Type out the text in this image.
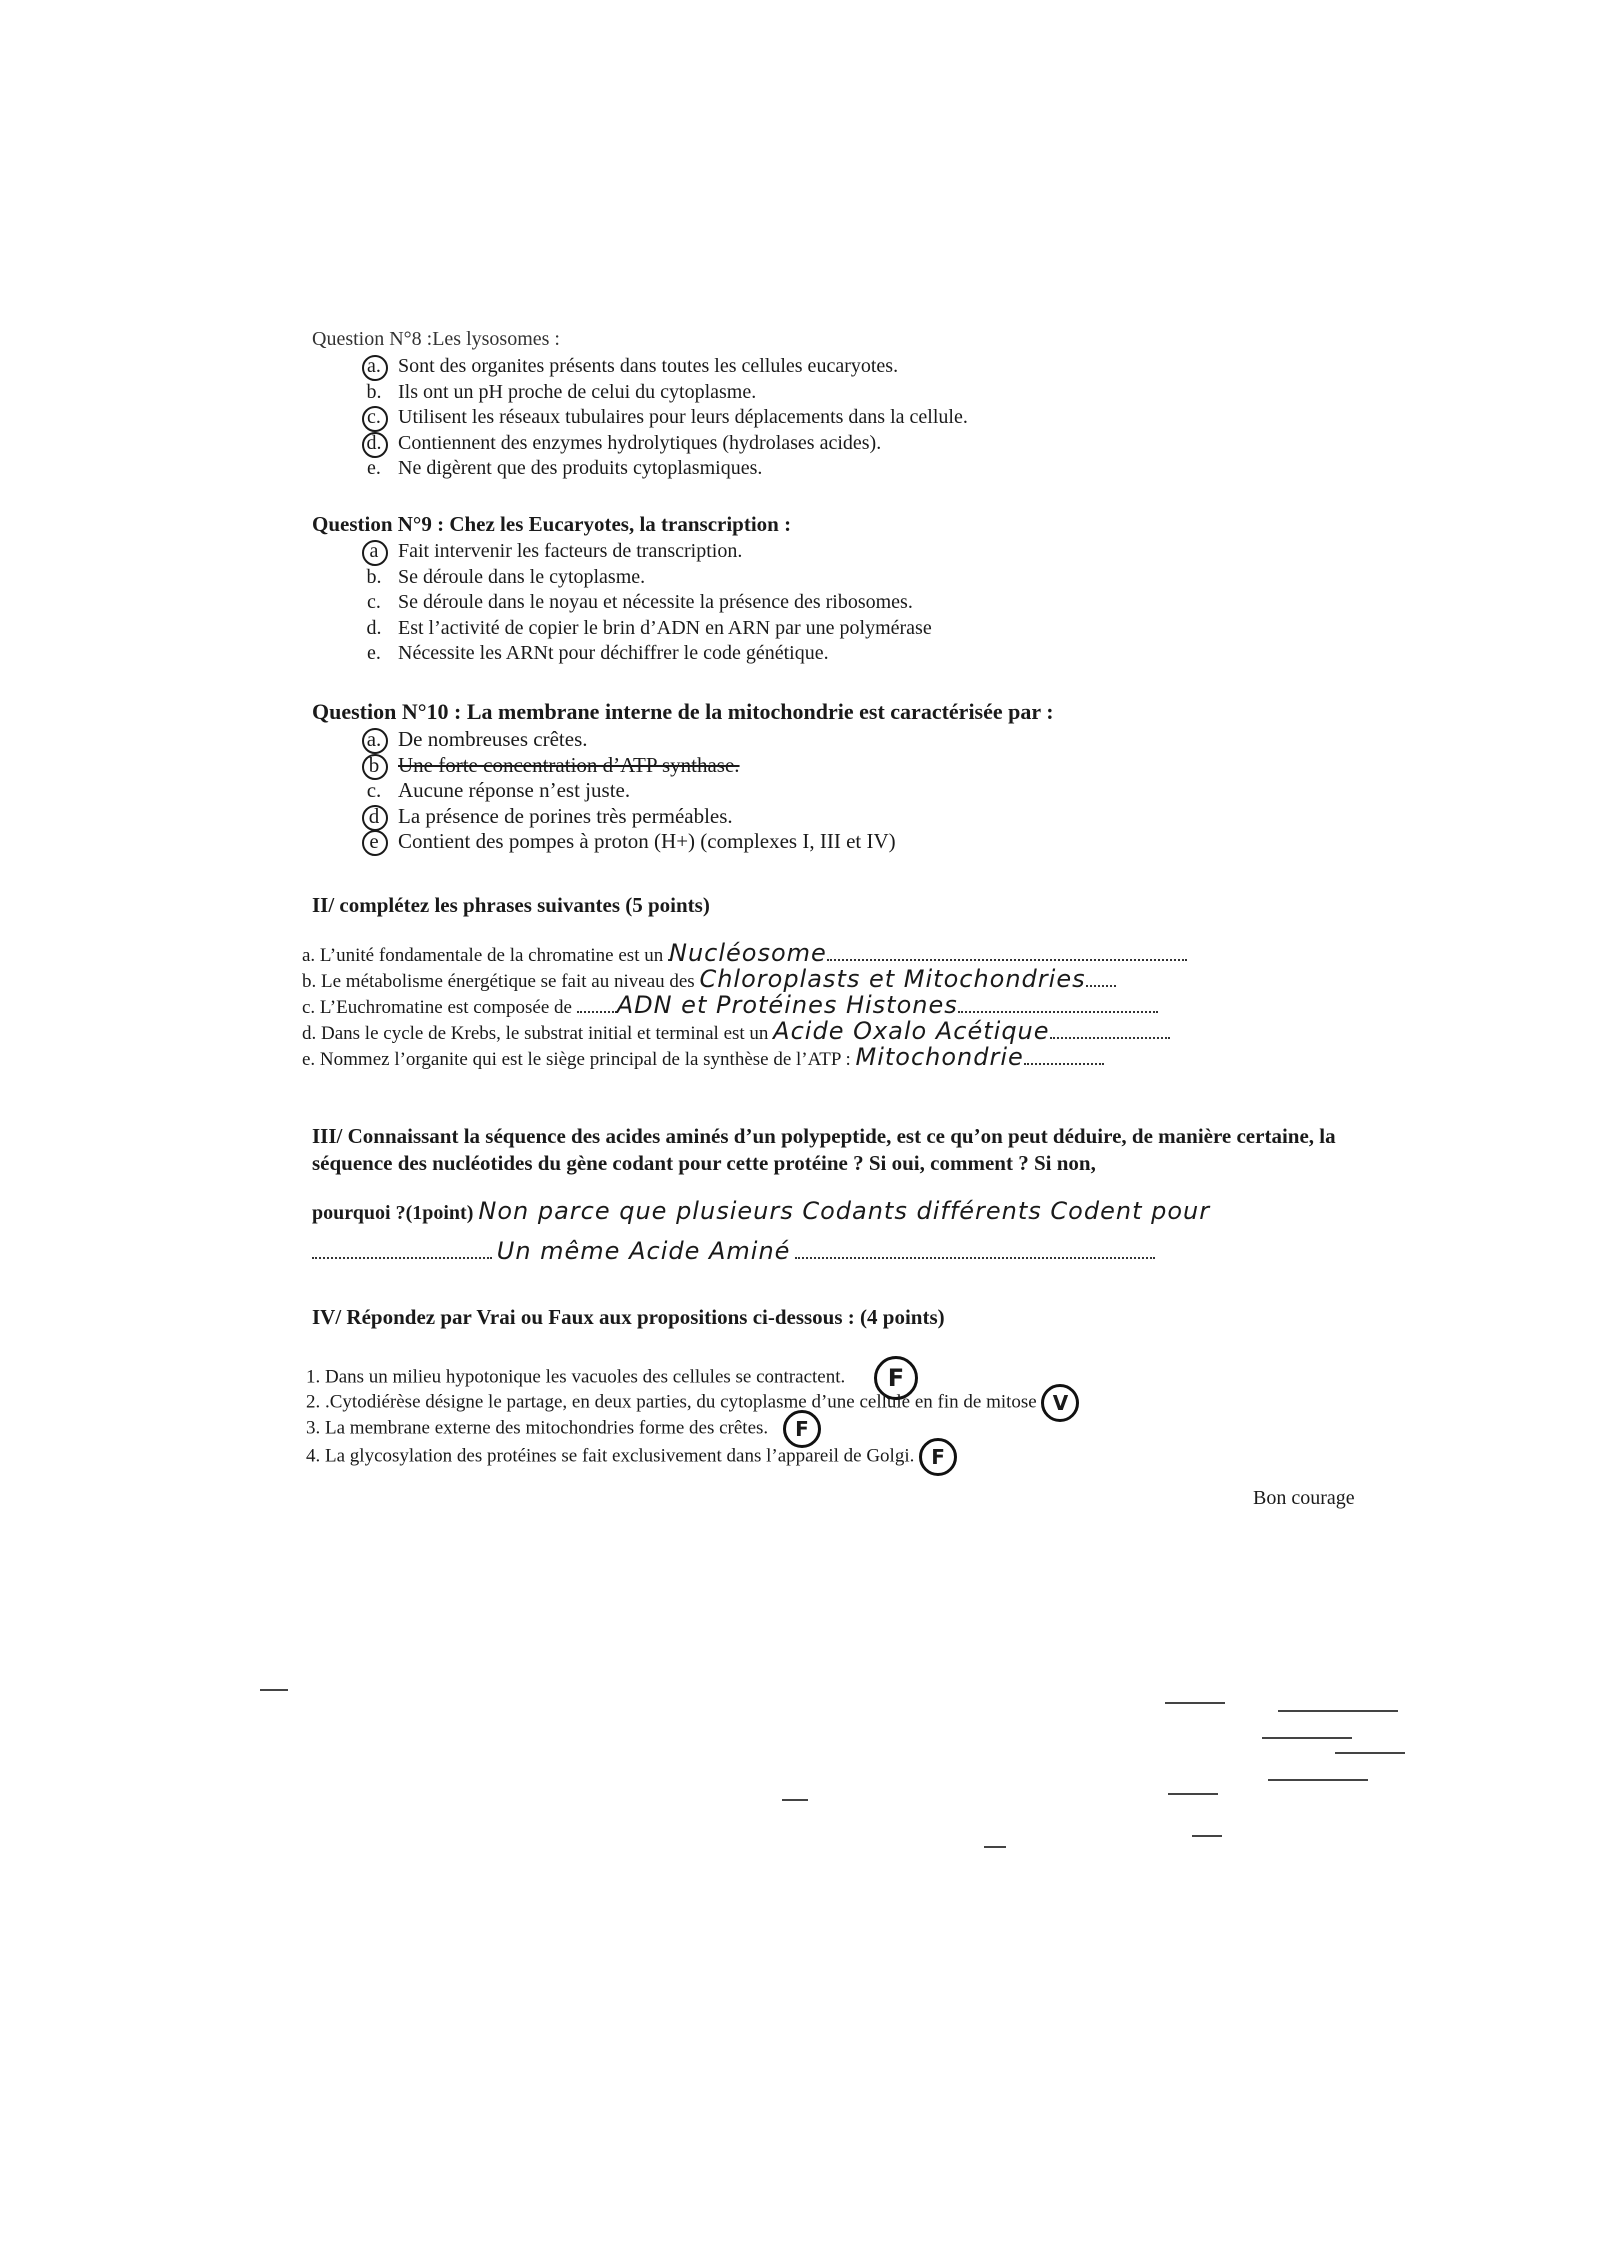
Question N°8 :Les lysosomes :
a. Sont des organites présents dans toutes les cellules eucaryotes.
b. Ils ont un pH proche de celui du cytoplasme.
c. Utilisent les réseaux tubulaires pour leurs déplacements dans la cellule.
d. Contiennent des enzymes hydrolytiques (hydrolases acides).
e. Ne digèrent que des produits cytoplasmiques.
Question N°9 : Chez les Eucaryotes, la transcription :
a Fait intervenir les facteurs de transcription.
b. Se déroule dans le cytoplasme.
c. Se déroule dans le noyau et nécessite la présence des ribosomes.
d. Est l’activité de copier le brin d’ADN en ARN par une polymérase
e. Nécessite les ARNt pour déchiffrer le code génétique.
Question N°10 : La membrane interne de la mitochondrie est caractérisée par :
a. De nombreuses crêtes.
b Une forte concentration d’ATP synthase.
c. Aucune réponse n’est juste.
d La présence de porines très perméables.
e Contient des pompes à proton (H+) (complexes I, III et IV)
II/ complétez les phrases suivantes (5 points)
a. L’unité fondamentale de la chromatine est un Nucléosome
b. Le métabolisme énergétique se fait au niveau des Chloroplasts et Mitochondries
c. L’Euchromatine est composée de ADN et Protéines Histones
d. Dans le cycle de Krebs, le substrat initial et terminal est un Acide Oxalo Acétique
e. Nommez l’organite qui est le siège principal de la synthèse de l’ATP : Mitochondrie
III/ Connaissant la séquence des acides aminés d’un polypeptide, est ce qu’on peut déduire, de manière certaine, la séquence des nucléotides du gène codant pour cette protéine ? Si oui, comment ? Si non,
pourquoi ?(1point) Non parce que plusieurs Codants différents Codent pour
Un même Acide Aminé
IV/ Répondez par Vrai ou Faux aux propositions ci-dessous : (4 points)
1. Dans un milieu hypotonique les vacuoles des cellules se contractent. F
2. .Cytodiérèse désigne le partage, en deux parties, du cytoplasme d’une cellule en fin de mitose V
3. La membrane externe des mitochondries forme des crêtes. F
4. La glycosylation des protéines se fait exclusivement dans l’appareil de Golgi. F
Bon courage
